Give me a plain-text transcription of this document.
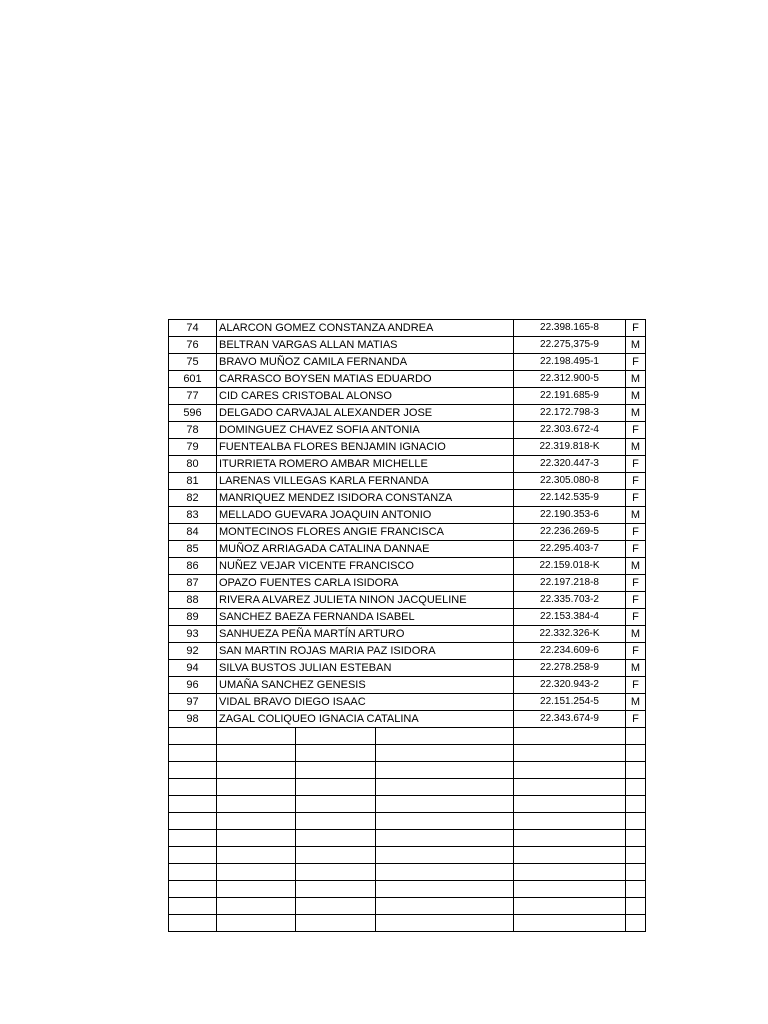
74	ALARCON GOMEZ CONSTANZA ANDREA			22.398.165-8	F
76	BELTRAN VARGAS ALLAN MATIAS			22.275,375-9	M
75	BRAVO MUÑOZ CAMILA FERNANDA			22.198.495-1	F
601	CARRASCO BOYSEN MATIAS EDUARDO			22.312.900-5	M
77	CID CARES CRISTOBAL ALONSO			22.191.685-9	M
596	DELGADO CARVAJAL ALEXANDER JOSE			22.172.798-3	M
78	DOMINGUEZ CHAVEZ SOFIA ANTONIA			22.303.672-4	F
79	FUENTEALBA FLORES BENJAMIN IGNACIO			22.319.818-K	M
80	ITURRIETA ROMERO AMBAR MICHELLE			22.320.447-3	F
81	LARENAS VILLEGAS KARLA FERNANDA			22.305.080-8	F
82	MANRIQUEZ MENDEZ ISIDORA CONSTANZA			22.142.535-9	F
83	MELLADO GUEVARA JOAQUIN ANTONIO			22.190.353-6	M
84	MONTECINOS FLORES ANGIE FRANCISCA			22.236.269-5	F
85	MUÑOZ ARRIAGADA CATALINA DANNAE			22.295.403-7	F
86	NUÑEZ VEJAR VICENTE FRANCISCO			22.159.018-K	M
87	OPAZO FUENTES CARLA ISIDORA			22.197.218-8	F
88	RIVERA ALVAREZ JULIETA NINON JACQUELINE			22.335.703-2	F
89	SANCHEZ BAEZA FERNANDA ISABEL			22.153.384-4	F
93	SANHUEZA PEÑA MARTÍN ARTURO			22.332.326-K	M
92	SAN MARTIN ROJAS MARIA PAZ ISIDORA			22.234.609-6	F
94	SILVA BUSTOS JULIAN ESTEBAN			22.278.258-9	M
96	UMAÑA SANCHEZ GENESIS			22.320.943-2	F
97	VIDAL BRAVO DIEGO ISAAC			22.151.254-5	M
98	ZAGAL COLIQUEO IGNACIA CATALINA			22.343.674-9	F
